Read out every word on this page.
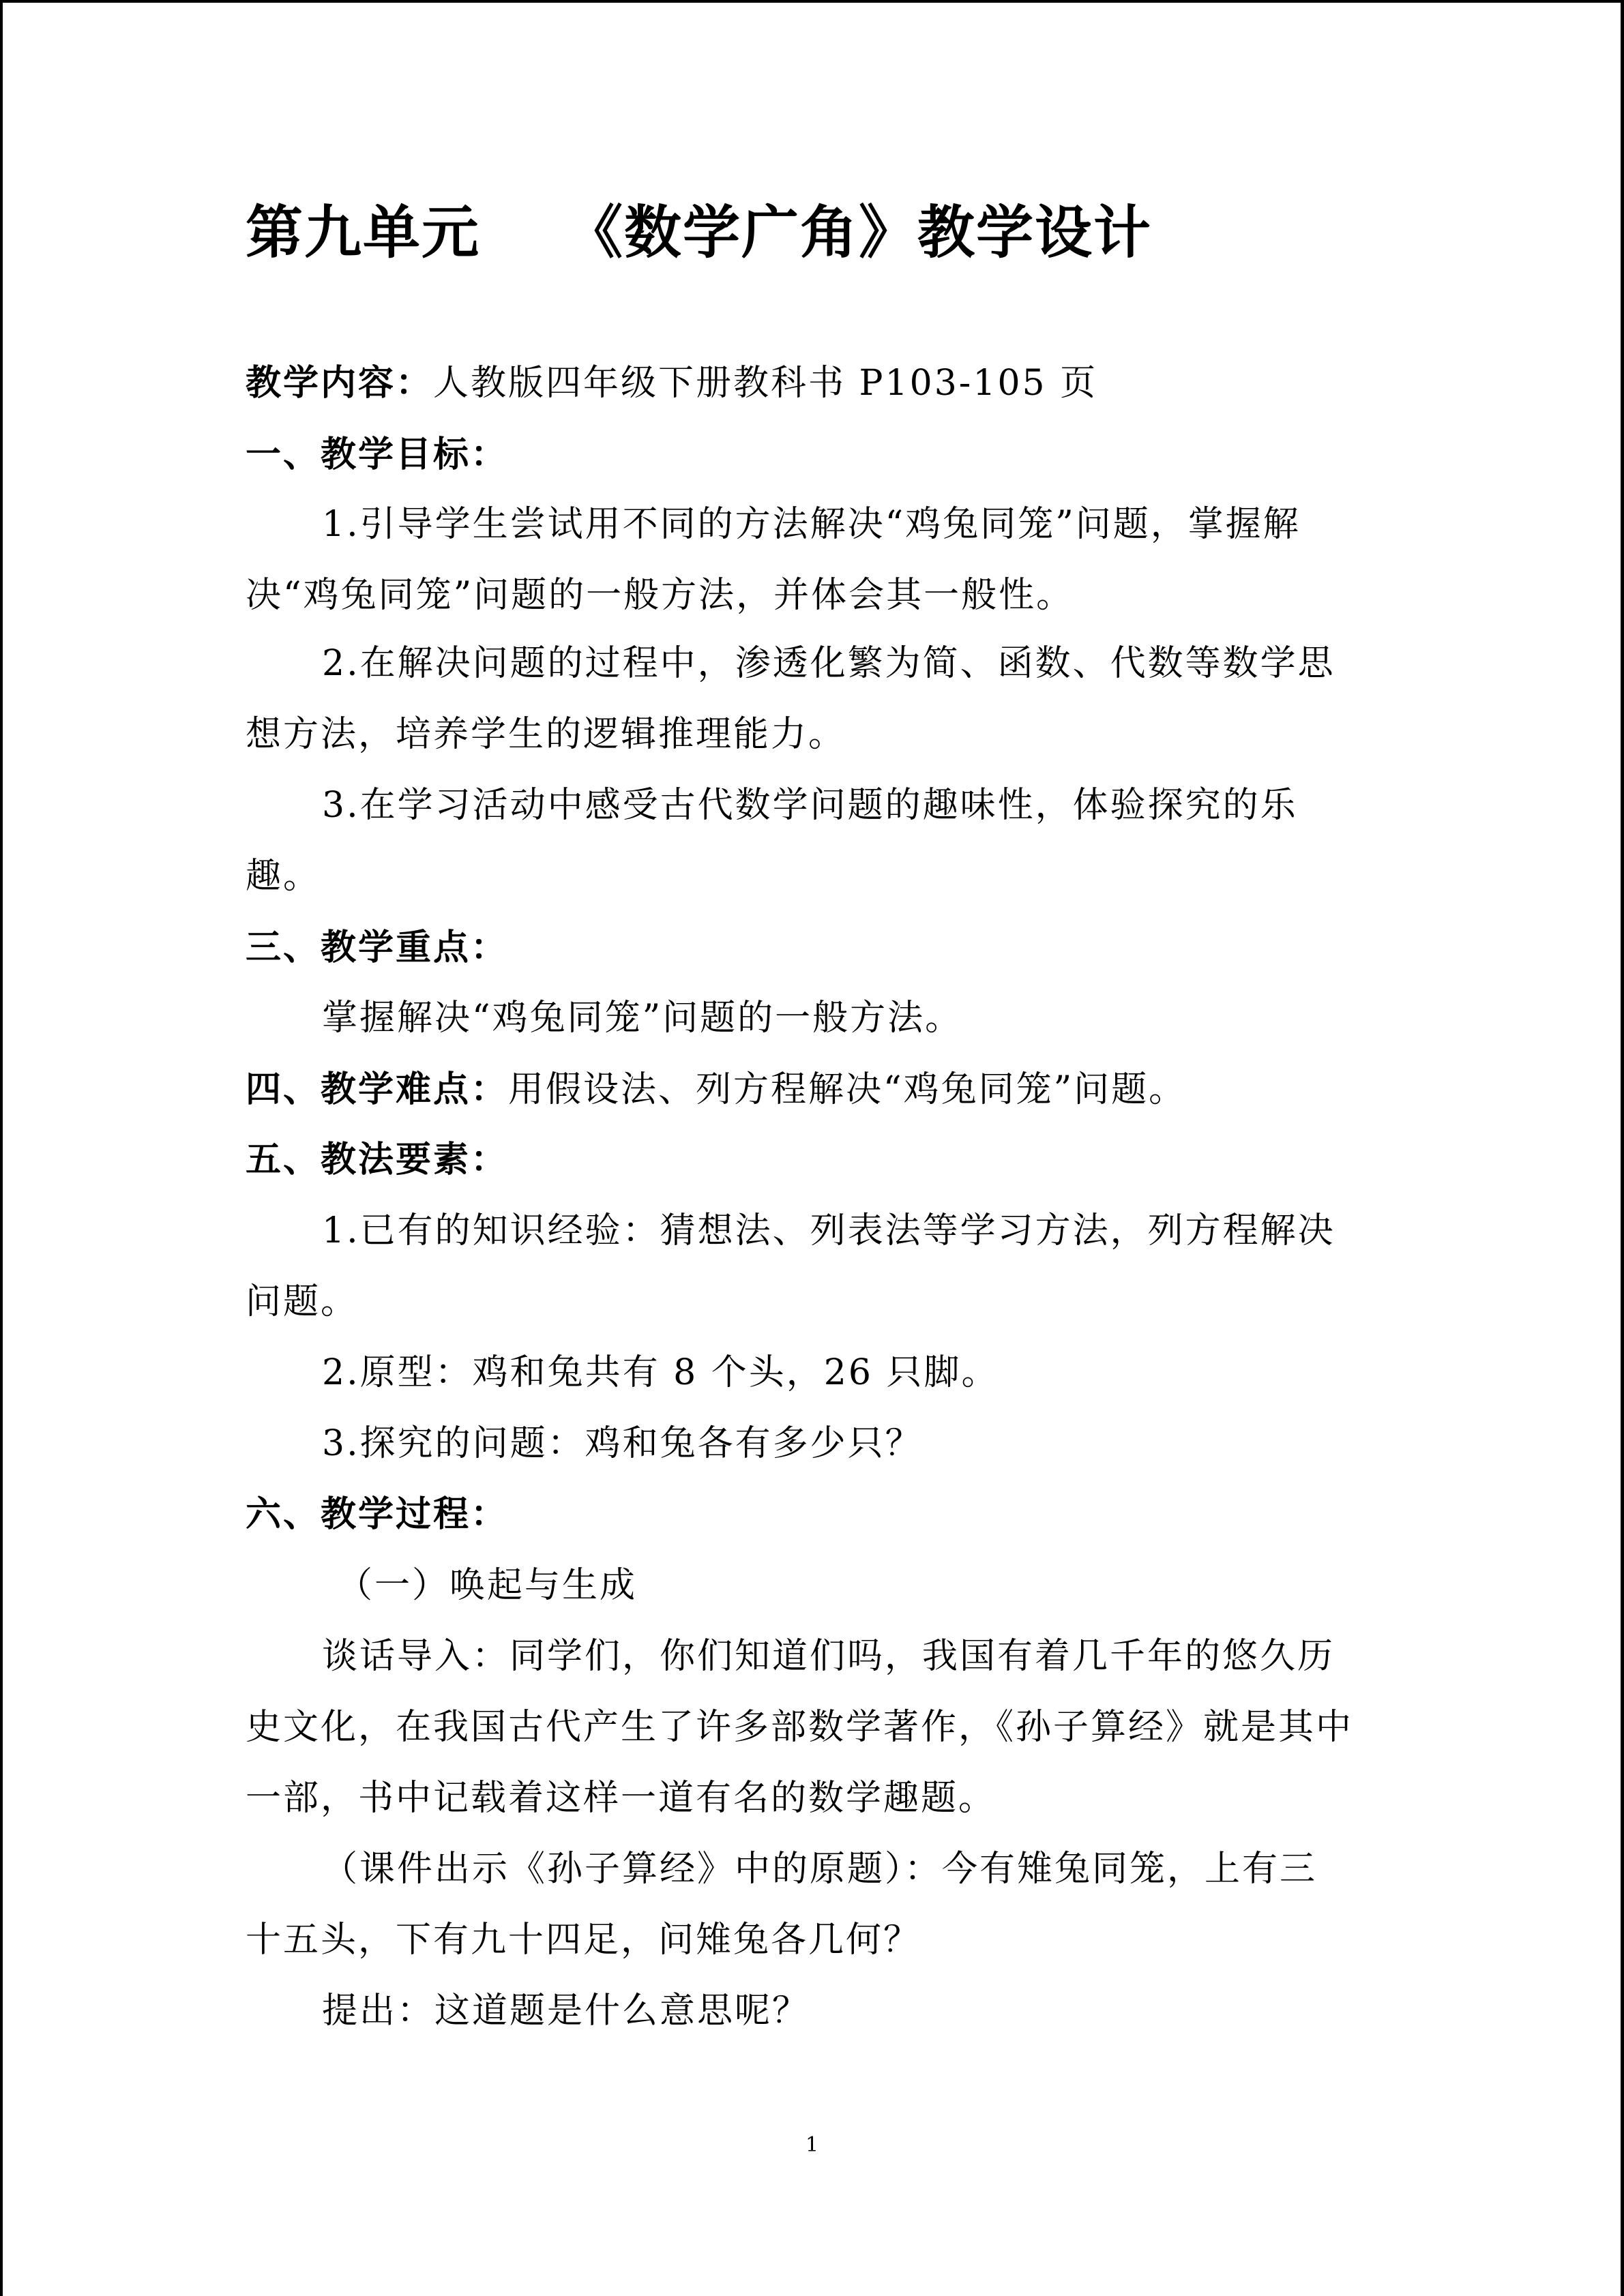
第九单元    《数学广角》教学设计
教学内容：人教版四年级下册教科书 P103-105 页
一、教学目标：
1.引导学生尝试用不同的方法解决“鸡兔同笼”问题，掌握解
决“鸡兔同笼”问题的一般方法，并体会其一般性。
2.在解决问题的过程中，渗透化繁为简、函数、代数等数学思
想方法，培养学生的逻辑推理能力。
3.在学习活动中感受古代数学问题的趣味性，体验探究的乐
趣。
三、教学重点：
掌握解决“鸡兔同笼”问题的一般方法。
四、教学难点：用假设法、列方程解决“鸡兔同笼”问题。
五、教法要素：
1.已有的知识经验：猜想法、列表法等学习方法，列方程解决
问题。
2.原型：鸡和兔共有 8 个头，26 只脚。
3.探究的问题：鸡和兔各有多少只？
六、教学过程：
（一）唤起与生成
谈话导入：同学们，你们知道们吗，我国有着几千年的悠久历
史文化，在我国古代产生了许多部数学著作，《孙子算经》就是其中
一部，书中记载着这样一道有名的数学趣题。
（课件出示《孙子算经》中的原题）：今有雉兔同笼，上有三
十五头，下有九十四足，问雉兔各几何？
提出：这道题是什么意思呢？
1
